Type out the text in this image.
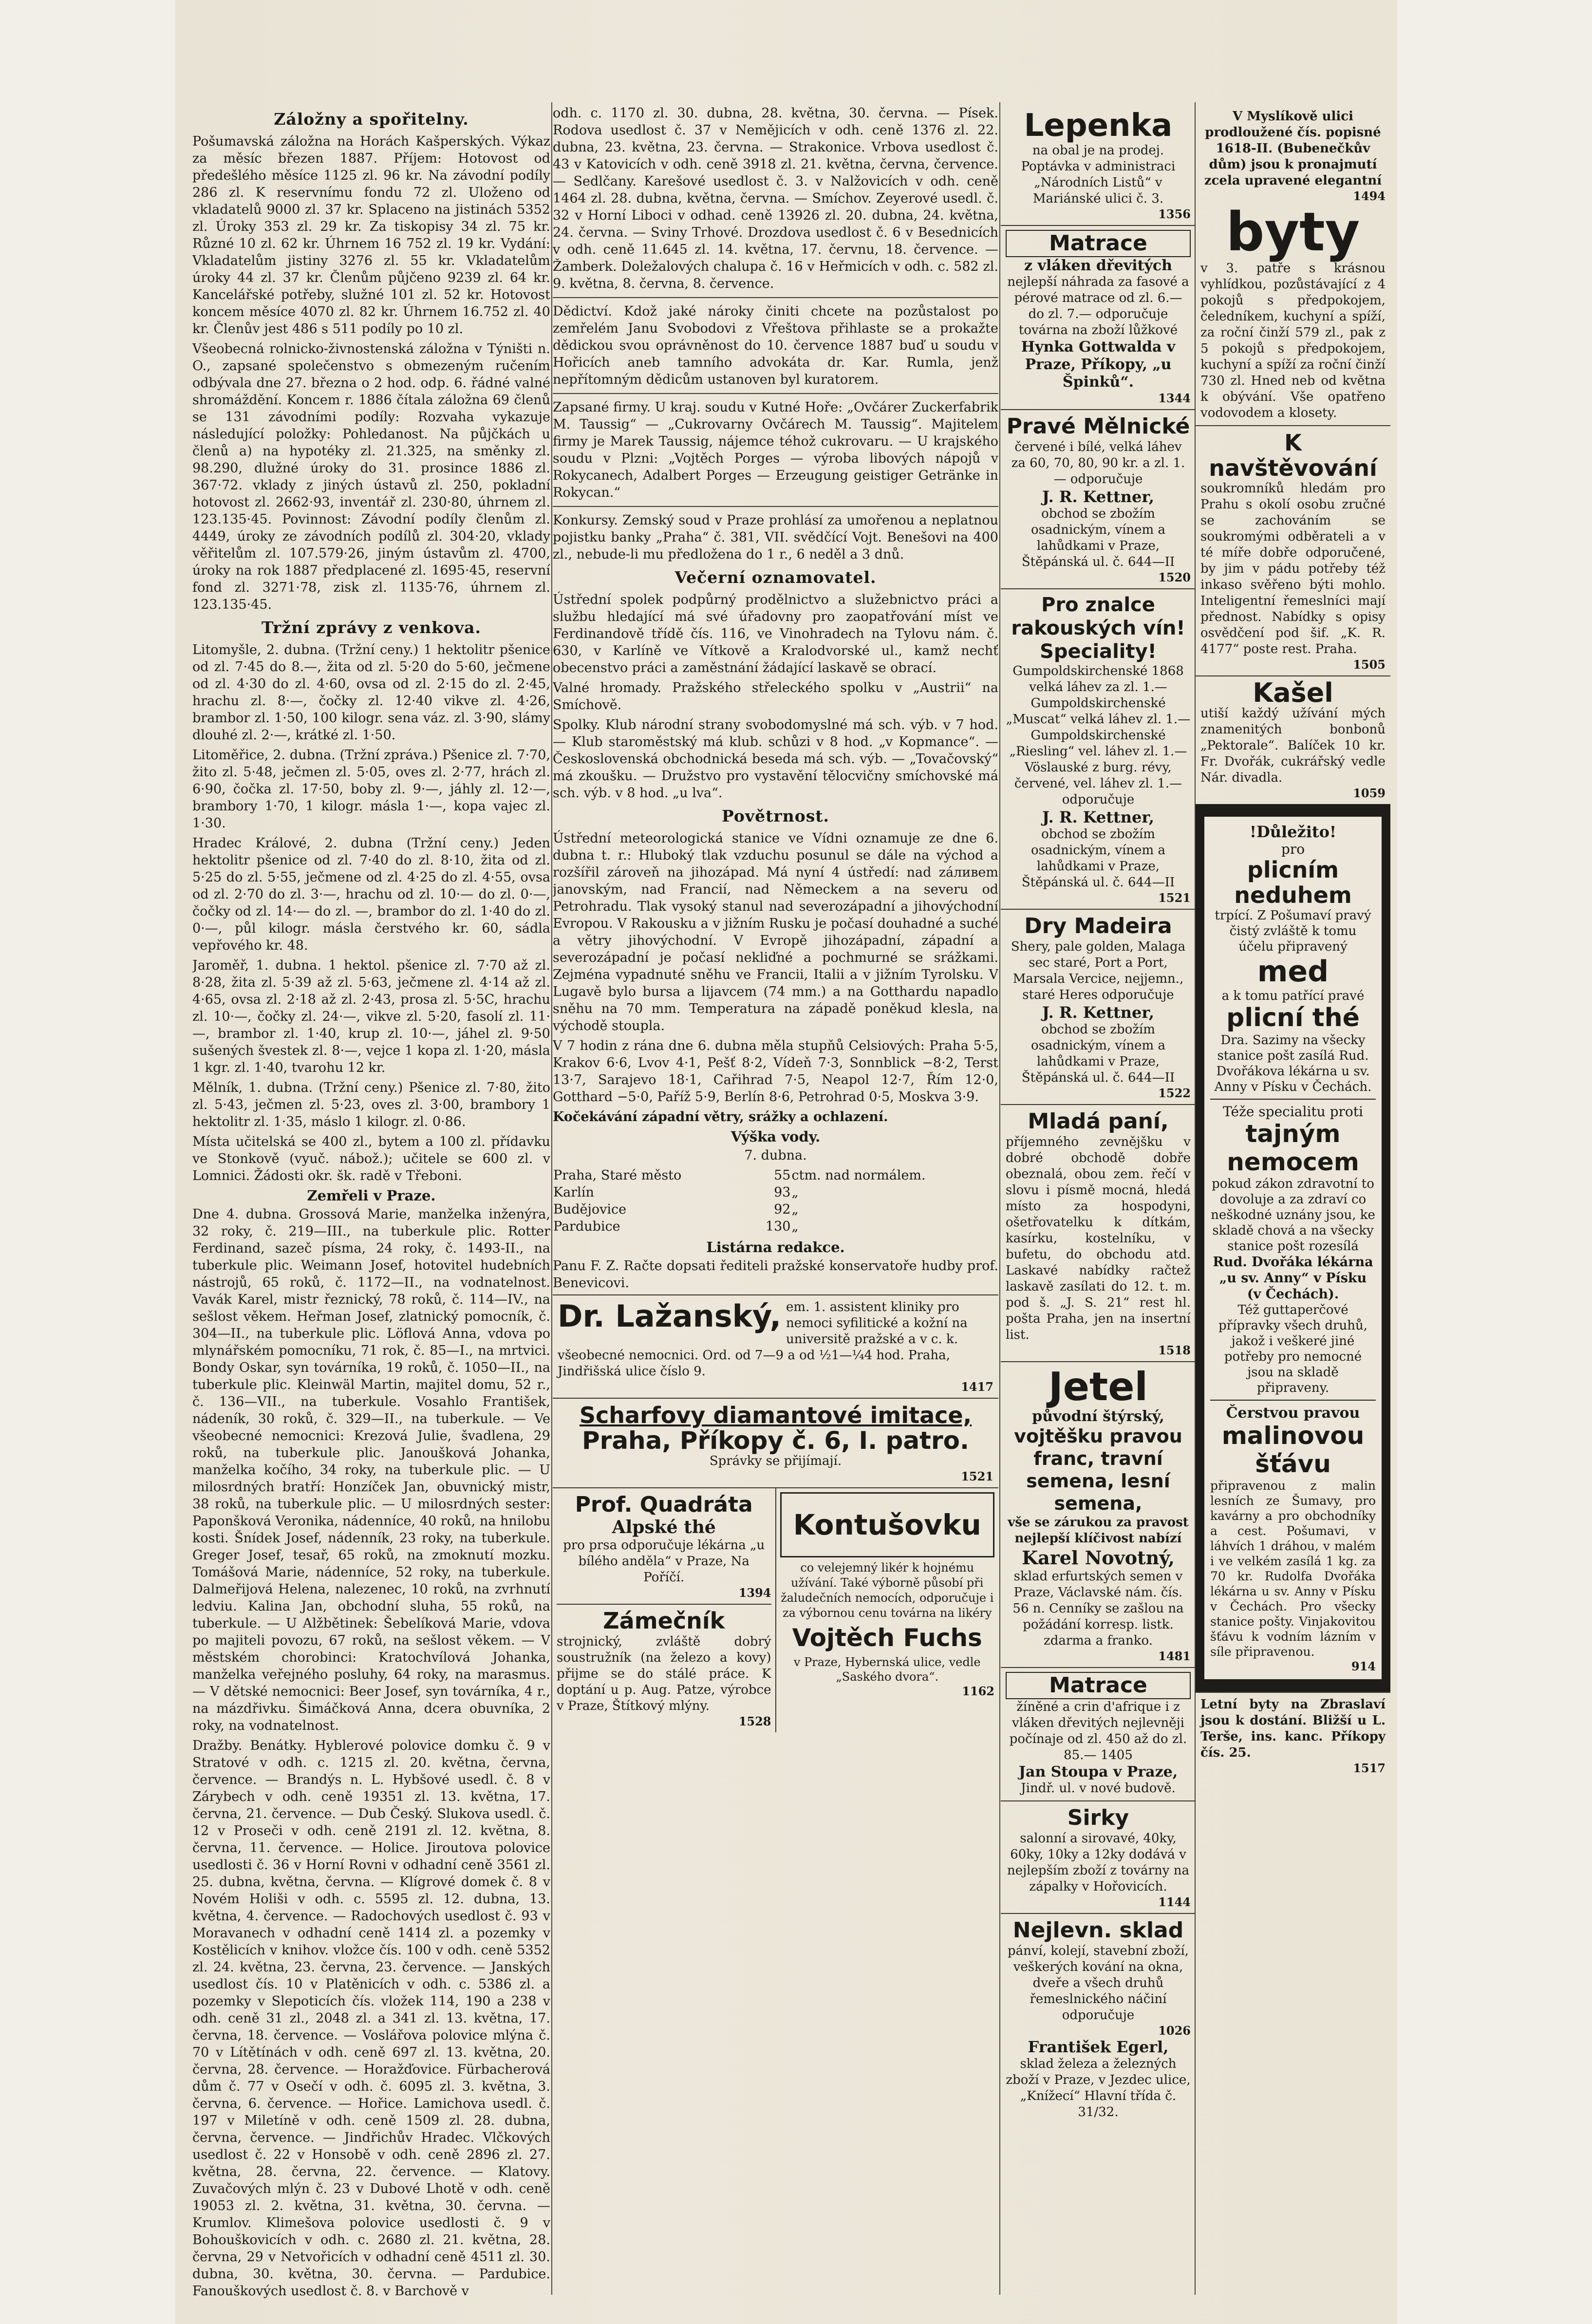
Záložny a spořitelny.

Pošumavská záložna na Horách Kašperských. Výkaz za měsíc březen 1887. Příjem: Hotovost od předešlého měsíce 1125 zl. 96 kr. Na závodní podíly 286 zl. K reservnímu fondu 72 zl. Uloženo od vkladatelů 9000 zl. 37 kr. Splaceno na jistinách 5352 zl. Úroky 353 zl. 29 kr. Za tiskopisy 34 zl. 75 kr. Různé 10 zl. 62 kr. Úhrnem 16 752 zl. 19 kr. Vydání: Vkladatelům jistiny 3276 zl. 55 kr. Vkladatelům úroky 44 zl. 37 kr. Členům půjčeno 9239 zl. 64 kr. Kancelářské potřeby, služné 101 zl. 52 kr. Hotovost koncem měsíce 4070 zl. 82 kr. Úhrnem 16.752 zl. 40 kr. Členův jest 486 s 511 podíly po 10 zl.

Všeobecná rolnicko-živnostenská záložna v Týništi n. O., zapsané společenstvo s obmezeným ručením odbývala dne 27. března o 2 hod. odp. 6. řádné valné shromáždění. Koncem r. 1886 čítala záložna 69 členů se 131 závodními podíly: Rozvaha vykazuje následující položky: Pohledanost. Na půjčkách u členů a) na hypotéky zl. 21.325, na směnky zl. 98.290, dlužné úroky do 31. prosince 1886 zl. 367·72. vklady z jiných ústavů zl. 250, pokladní hotovost zl. 2662·93, inventář zl. 230·80, úhrnem zl. 123.135·45. Povinnost: Závodní podíly členům zl. 4449, úroky ze závodních podílů zl. 304·20, vklady věřitelům zl. 107.579·26, jiným ústavům zl. 4700, úroky na rok 1887 předplacené zl. 1695·45, reservní fond zl. 3271·78, zisk zl. 1135·76, úhrnem zl. 123.135·45.

Tržní zprávy z venkova.

Litomyšle, 2. dubna. (Tržní ceny.) 1 hektolitr pšenice od zl. 7·45 do 8.—, žita od zl. 5·20 do 5·60, ječmene od zl. 4·30 do zl. 4·60, ovsa od zl. 2·15 do zl. 2·45, hrachu zl. 8·—, čočky zl. 12·40 vikve zl. 4·26, brambor zl. 1·50, 100 kilogr. sena váz. zl. 3·90, slámy dlouhé zl. 2·—, krátké zl. 1·50.

Litoměřice, 2. dubna. (Tržní zpráva.) Pšenice zl. 7·70, žito zl. 5·48, ječmen zl. 5·05, oves zl. 2·77, hrách zl. 6·90, čočka zl. 17·50, boby zl. 9·—, jáhly zl. 12·—, brambory 1·70, 1 kilogr. másla 1·—, kopa vajec zl. 1·30.

Hradec Králové, 2. dubna (Tržní ceny.) Jeden hektolitr pšenice od zl. 7·40 do zl. 8·10, žita od zl. 5·25 do zl. 5·55, ječmene od zl. 4·25 do zl. 4·55, ovsa od zl. 2·70 do zl. 3·—, hrachu od zl. 10·— do zl. 0·—, čočky od zl. 14·— do zl. —, brambor do zl. 1·40 do zl. 0·—, půl kilogr. másla čerstvého kr. 60, sádla vepřového kr. 48.

Jaroměř, 1. dubna. 1 hektol. pšenice zl. 7·70 až zl. 8·28, žita zl. 5·39 až zl. 5·63, ječmene zl. 4·14 až zl. 4·65, ovsa zl. 2·18 až zl. 2·43, prosa zl. 5·5C, hrachu zl. 10·—, čočky zl. 24·—, vikve zl. 5·20, fasolí zl. 11·—, brambor zl. 1·40, krup zl. 10·—, jáhel zl. 9·50 sušených švestek zl. 8·—, vejce 1 kopa zl. 1·20, másla 1 kgr. zl. 1·40, tvarohu 12 kr.

Mělník, 1. dubna. (Tržní ceny.) Pšenice zl. 7·80, žito zl. 5·43, ječmen zl. 5·23, oves zl. 3·00, brambory 1 hektolitr zl. 1·35, máslo 1 kilogr. zl. 0·86.

Místa učitelská se 400 zl., bytem a 100 zl. přídavku ve Stonkově (vyuč. nábož.); učitele se 600 zl. v Lomnici. Žádosti okr. šk. radě v Třeboni.

Zemřeli v Praze.

Dne 4. dubna. Grossová Marie, manželka inženýra, 32 roky, č. 219—III., na tuberkule plic. Rotter Ferdinand, sazeč písma, 24 roky, č. 1493-II., na tuberkule plic. Weimann Josef, hotovitel hudebních nástrojů, 65 roků, č. 1172—II., na vodnatelnost. Vavák Karel, mistr řeznický, 78 roků, č. 114—IV., na sešlost věkem. Heřman Josef, zlatnický pomocník, č. 304—II., na tuberkule plic. Löflová Anna, vdova po mlynářském pomocníku, 71 rok, č. 85—I., na mrtvici. Bondy Oskar, syn továrníka, 19 roků, č. 1050—II., na tuberkule plic. Kleinwäl Martin, majitel domu, 52 r., č. 136—VII., na tuberkule. Vosahlo František, nádeník, 30 roků, č. 329—II., na tuberkule. — Ve všeobecné nemocnici: Krezová Julie, švadlena, 29 roků, na tuberkule plic. Janoušková Johanka, manželka kočího, 34 roky, na tuberkule plic. — U milosrdných bratří: Honzíček Jan, obuvnický mistr, 38 roků, na tuberkule plic. — U milosrdných sester: Paponšková Veronika, nádenníce, 40 roků, na hnilobu kosti. Šnídek Josef, nádenník, 23 roky, na tuberkule. Greger Josef, tesař, 65 roků, na zmoknutí mozku. Tomášová Marie, nádenníce, 52 roky, na tuberkule. Dalmeřijová Helena, nalezenec, 10 roků, na zvrhnutí ledviu. Kalina Jan, obchodní sluha, 55 roků, na tuberkule. — U Alžbětinek: Šebelíková Marie, vdova po majiteli povozu, 67 roků, na sešlost věkem. — V městském chorobinci: Kratochvílová Johanka, manželka veřejného posluhy, 64 roky, na marasmus. — V dětské nemocnici: Beer Josef, syn továrníka, 4 r., na mázdřivku. Šimáčková Anna, dcera obuvníka, 2 roky, na vodnatelnost.

Dražby. Benátky. Hyblerové polovice domku č. 9 v Stratové v odh. c. 1215 zl. 20. května, června, července. — Brandýs n. L. Hybšové usedl. č. 8 v Zárybech v odh. ceně 19351 zl. 13. května, 17. června, 21. července. — Dub Český. Slukova usedl. č. 12 v Proseči v odh. ceně 2191 zl. 12. května, 8. června, 11. července. — Holice. Jiroutova polovice usedlosti č. 36 v Horní Rovni v odhadní ceně 3561 zl. 25. dubna, května, června. — Klígrové domek č. 8 v Novém Holiši v odh. c. 5595 zl. 12. dubna, 13. května, 4. července. — Radochových usedlost č. 93 v Moravanech v odhadní ceně 1414 zl. a pozemky v Kostělicích v knihov. vložce čís. 100 v odh. ceně 5352 zl. 24. května, 23. června, 23. července. — Janských usedlost čís. 10 v Platěnicích v odh. c. 5386 zl. a pozemky v Slepoticích čís. vložek 114, 190 a 238 v odh. ceně 31 zl., 2048 zl. a 341 zl. 13. května, 17. června, 18. července. — Voslářova polovice mlýna č. 70 v Lítětínách v odh. ceně 697 zl. 13. května, 20. června, 28. července. — Horažďovice. Fürbacherová dům č. 77 v Osečí v odh. č. 6095 zl. 3. května, 3. června, 6. července. — Hořice. Lamichova usedl. č. 197 v Miletíně v odh. ceně 1509 zl. 28. dubna, června, července. — Jindřichův Hradec. Vlčkových usedlost č. 22 v Honsobě v odh. ceně 2896 zl. 27. května, 28. června, 22. července. — Klatovy. Zuvačových mlýn č. 23 v Dubové Lhotě v odh. ceně 19053 zl. 2. května, 31. května, 30. června. — Krumlov. Klimešova polovice usedlosti č. 9 v Bohouškovicích v odh. c. 2680 zl. 21. května, 28. června, 29 v Netvořicích v odhadní ceně 4511 zl. 30. dubna, 30. května, 30. června. — Pardubice. Fanouškových usedlost č. 8. v Barchově v

odh. c. 1170 zl. 30. dubna, 28. května, 30. června. — Písek. Rodova usedlost č. 37 v Nemějicích v odh. ceně 1376 zl. 22. dubna, 23. května, 23. června. — Strakonice. Vrbova usedlost č. 43 v Katovicích v odh. ceně 3918 zl. 21. května, června, července. — Sedlčany. Karešové usedlost č. 3. v Nalžovicích v odh. ceně 1464 zl. 28. dubna, května, června. — Smíchov. Zeyerové usedl. č. 32 v Horní Liboci v odhad. ceně 13926 zl. 20. dubna, 24. května, 24. června. — Sviny Trhové. Drozdova usedlost č. 6 v Besednicích v odh. ceně 11.645 zl. 14. května, 17. červnu, 18. července. — Žamberk. Doležalových chalupa č. 16 v Heřmicích v odh. c. 582 zl. 9. května, 8. června, 8. července.

Dědictví. Kdož jaké nároky činiti chcete na pozůstalost po zemřelém Janu Svobodovi z Vřeštova přihlaste se a prokažte dědickou svou oprávněnost do 10. července 1887 buď u soudu v Hořicích aneb tamního advokáta dr. Kar. Rumla, jenž nepřítomným dědicům ustanoven byl kuratorem.

Zapsané firmy. U kraj. soudu v Kutné Hoře: „Ovčárer Zuckerfabrik M. Taussig“ — „Cukrovarny Ovčárech M. Taussig“. Majitelem firmy je Marek Taussig, nájemce téhož cukrovaru. — U krajského soudu v Plzni: „Vojtěch Porges — výroba libových nápojů v Rokycanech, Adalbert Porges — Erzeugung geistiger Getränke in Rokycan.“

Konkursy. Zemský soud v Praze prohlásí za umořenou a neplatnou pojistku banky „Praha“ č. 381, VII. svědčící Vojt. Benešovi na 400 zl., nebude-li mu předložena do 1 r., 6 neděl a 3 dnů.

Večerní oznamovatel.

Ústřední spolek podpůrný prodělnictvo a služebnictvo práci a službu hledající má své úřadovny pro zaopatřování míst ve Ferdinandově třídě čís. 116, ve Vinohradech na Tylovu nám. č. 630, v Karlíně ve Vítkově a Kralodvorské ul., kamž nechť obecenstvo práci a zaměstnání žádající laskavě se obrací.

Valné hromady. Pražského střeleckého spolku v „Austrii“ na Smíchově.

Spolky. Klub národní strany svobodomyslné má sch. výb. v 7 hod. — Klub staroměstský má klub. schůzi v 8 hod. „v Kopmance“. — Československá obchodnická beseda má sch. výb. — „Tovačovský“ má zkoušku. — Družstvo pro vystavění tělocvičny smíchovské má sch. výb. v 8 hod. „u lva“.

Povětrnost.

Ústřední meteorologická stanice ve Vídni oznamuje ze dne 6. dubna t. r.: Hluboký tlak vzduchu posunul se dále na východ a rozšířil zároveň na jihozápad. Má nyní 4 ústředí: nad záливem janovským, nad Francií, nad Německem a na severu od Petrohradu. Tlak vysoký stanul nad severozápadní a jihovýchodní Evropou. V Rakousku a v jižním Rusku je počasí douhadné a suché a větry jihovýchodní. V Evropě jihozápadní, západní a severozápadní je počasí nekliďné a pochmurné se srážkami. Zejména vypadnuté sněhu ve Francii, Italii a v jižním Tyrolsku. V Lugavě bylo bursa a lijavcem (74 mm.) a na Gotthardu napadlo sněhu na 70 mm. Temperatura na západě poněkud klesla, na východě stoupla.

V 7 hodin z rána dne 6. dubna měla stupňů Celsiových: Praha 5·5, Krakov 6·6, Lvov 4·1, Pešť 8·2, Vídeň 7·3, Sonnblick −8·2, Terst 13·7, Sarajevo 18·1, Cařihrad 7·5, Neapol 12·7, Řím 12·0, Gotthard −5·0, Paříž 5·9, Berlín 8·6, Petrohrad 0·5, Moskva 3·9.

Kočekávání západní větry, srážky a ochlazení.

Výška vody.

7. dubna.

Praha, Staré město	55	ctm. nad normálem.
Karlín	93	„
Budějovice	92	„
Pardubice	130	„
Listárna redakce.

Panu F. Z. Račte dopsati řediteli pražské konservatoře hudby prof. Benevicovi.

Dr. Lažanský, em. 1. assistent kliniky pro nemoci syfilitické a kožní na universitě pražské a v c. k. všeobecné nemocnici. Ord. od 7—9 a od ½1—¼4 hod. Praha, Jindřišská ulice číslo 9.
1417
Scharfovy diamantové imitace,
Praha, Příkopy č. 6, I. patro.
Správky se přijímají.
1521
Prof. Quadráta
Alpské thé
pro prsa odporučuje lékárna „u bílého anděla“ v Praze, Na Poříčí.
1394
Zámečník
strojnický, zvláště dobrý soustružník (na železo a kovy) přijme se do stálé práce. K doptání u p. Aug. Patze, výrobce v Praze, Štítkový mlýny.
1528
Kontušovku
co velejemný likér k hojnému užívání. Také výborně působí při žaludečních nemocích, odporučuje i za výbornou cenu továrna na likéry
Vojtěch Fuchs
v Praze, Hybernská ulice, vedle „Saského dvora“.
1162
Lepenka
na obal je na prodej. Poptávka v administraci „Národních Listů“ v Mariánské ulici č. 3.
1356
Matrace
z vláken dřevitých
nejlepší náhrada za fasové a pérové matrace od zl. 6.— do zl. 7.— odporučuje továrna na zboží lůžkové
Hynka Gottwalda v Praze, Příkopy, „u Špinků“.
1344
Pravé Mělnické
červené i bílé, velká láhev za 60, 70, 80, 90 kr. a zl. 1.— odporučuje
J. R. Kettner,
obchod se zbožím osadnickým, vínem a lahůdkami v Praze, Štěpánská ul. č. 644—II
1520
Pro znalce rakouských vín! Speciality!
Gumpoldskirchenské 1868 velká láhev za zl. 1.— Gumpoldskirchenské „Muscat“ velká láhev zl. 1.— Gumpoldskirchenské „Riesling“ vel. láhev zl. 1.— Vöslauské z burg. révy, červené, vel. láhev zl. 1.— odporučuje
J. R. Kettner,
obchod se zbožím osadnickým, vínem a lahůdkami v Praze, Štěpánská ul. č. 644—II
1521
Dry Madeira
Shery, pale golden, Malaga sec staré, Port a Port, Marsala Vercice, nejjemn., staré Heres odporučuje
J. R. Kettner,
obchod se zbožím osadnickým, vínem a lahůdkami v Praze, Štěpánská ul. č. 644—II
1522
Mladá paní,
příjemného zevnějšku v dobré obchodě dobře obeznalá, obou zem. řečí v slovu i písmě mocná, hledá místo za hospodyni, ošetřovatelku k dítkám, kasírku, kostelníku, v bufetu, do obchodu atd. Laskavé nabídky račtež laskavě zasílati do 12. t. m. pod š. „J. S. 21“ rest hl. pošta Praha, jen na insertní list.
1518
Jetel
původní štýrský,
vojtěšku pravou franc, travní semena, lesní semena,
vše se zárukou za pravost nejlepší klíčivost nabízí
Karel Novotný,
sklad erfurtských semen v Praze, Václavské nám. čís. 56 n. Cenníky se zašlou na požádání korresp. listk. zdarma a franko.
1481
Matrace
žíněné a crin d'afrique i z vláken dřevitých nejlevněji počínaje od zl. 450 až do zl. 85.— 1405
Jan Stoupa v Praze,
Jindř. ul. v nové budově.
Sirky
salonní a sirovavé, 40ky, 60ky, 10ky a 12ky dodává v nejlepším zboží z továrny na zápalky v Hořovicích.
1144
Nejlevn. sklad
pánví, kolejí, stavební zboží, veškerých kování na okna, dveře a všech druhů řemeslnického náčiní odporučuje
1026
František Egerl,
sklad železa a železných zboží v Praze, v Jezdec ulice, „Knížecí“ Hlavní třída č. 31/32.
V Myslíkově ulici prodloužené čís. popisné 1618-II. (Bubenečkův dům) jsou k pronajmutí zcela upravené elegantní
1494
byty
v 3. patře s krásnou vyhlídkou, pozůstávající z 4 pokojů s předpokojem, čeledníkem, kuchyní a spíží, za roční činží 579 zl., pak z 5 pokojů s předpokojem, kuchyní a spíží za roční činží 730 zl. Hned neb od května k obývání. Vše opatřeno vodovodem a klosety.
K navštěvování
soukromníků hledám pro Prahu s okolí osobu zručné se zachováním se soukromými odběrateli a v té míře dobře odporučené, by jim v pádu potřeby též inkaso svěřeno býti mohlo. Inteligentní řemeslníci mají přednost. Nabídky s opisy osvědčení pod šif. „K. R. 4177“ poste rest. Praha.
1505
Kašel
utiší každý užívání mých znamenitých bonbonů „Pektorale“. Balíček 10 kr. Fr. Dvořák, cukrářský vedle Nár. divadla.
1059
!Důležito!
pro
plicním neduhem
trpící. Z Pošumaví pravý čistý zvláště k tomu účelu připravený
med
a k tomu patřící pravé
plicní thé
Dra. Sazimy na všecky stanice pošt zasílá Rud. Dvořákova lékárna u sv. Anny v Písku v Čechách.
Téže specialitu proti
tajným nemocem
pokud zákon zdravotní to dovoluje a za zdraví co neškodné uznány jsou, ke skladě chová a na všecky stanice pošt rozesílá
Rud. Dvořáka lékárna „u sv. Anny“ v Písku (v Čechách).
Též guttaperčové přípravky všech druhů, jakož i veškeré jiné potřeby pro nemocné jsou na skladě připraveny.
Čerstvou pravou
malinovou šťávu
připravenou z malin lesních ze Šumavy, pro kavárny a pro obchodníky a cest. Pošumavi, v láhvích 1 dráhou, v malém i ve velkém zasílá 1 kg. za 70 kr. Rudolfa Dvořáka lékárna u sv. Anny v Písku v Čechách. Pro všecky stanice pošty. Vinjakovitou šťávu k vodním lázním v síle připravenou.
914
Letní byty na Zbraslaví jsou k dostání. Bližší u L. Terše, ins. kanc. Příkopy čís. 25.
1517
